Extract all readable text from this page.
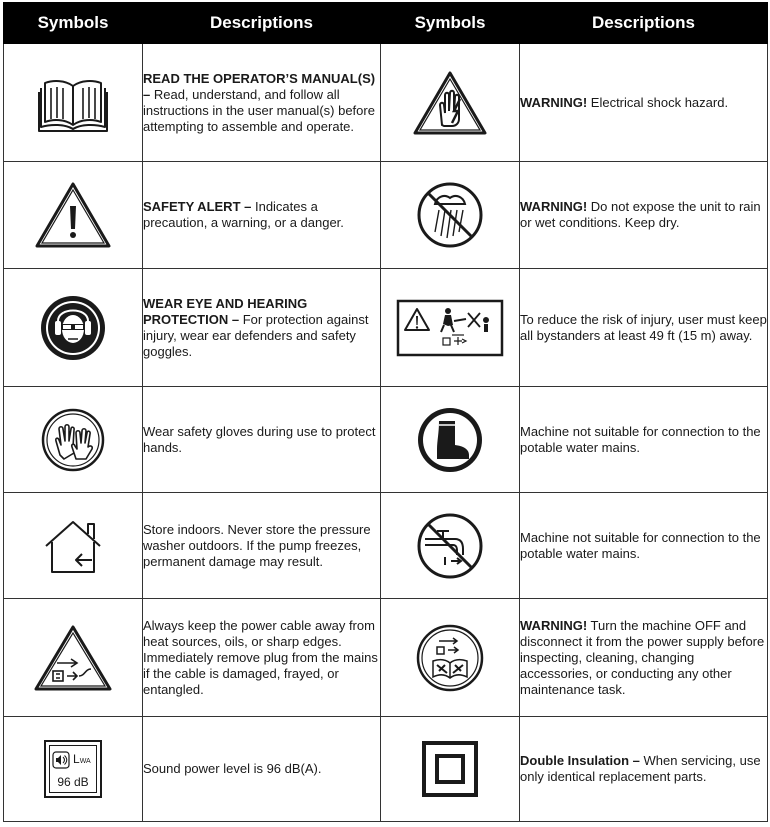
Symbols	Descriptions	Symbols	Descriptions

	READ THE OPERATOR’S MANUAL(S) – Read, understand, and follow all instructions in the user manual(s) before attempting to assemble and operate.		WARNING! Electrical shock hazard.

	SAFETY ALERT – Indicates a precaution, a warning, or a danger.		WARNING! Do not expose the unit to rain or wet conditions. Keep dry.

	WEAR EYE AND HEARING PROTECTION – For protection against injury, wear ear defenders and safety goggles.		To reduce the risk of injury, user must keep all bystanders at least 49 ft (15 m) away.

	Wear safety gloves during use to protect hands.		Machine not suitable for connection to the potable water mains.

	Store indoors. Never store the pressure washer outdoors. If the pump freezes, permanent damage may result.		Machine not suitable for connection to the potable water mains.

	Always keep the power cable away from heat sources, oils, or sharp edges. Immediately remove plug from the mains if the cable is damaged, frayed, or entangled.		WARNING! Turn the machine OFF and disconnect it from the power supply before inspecting, cleaning, changing accessories, or conducting any other maintenance task.

LWA
96 dB	Sound power level is 96 dB(A).		Double Insulation – When servicing, use only identical replacement parts.
